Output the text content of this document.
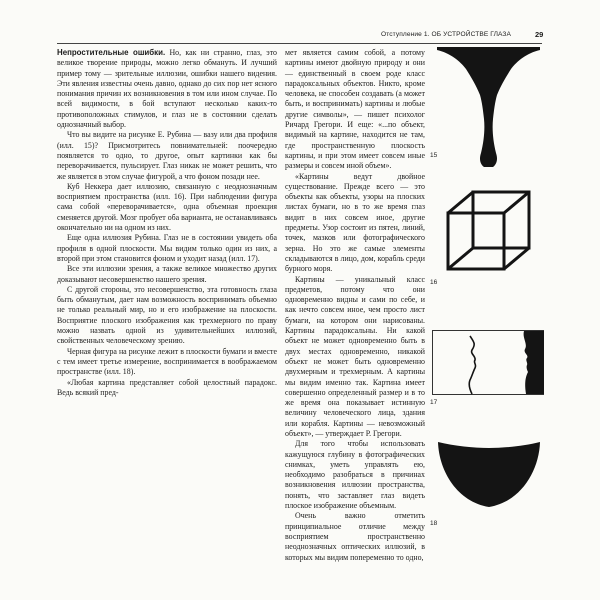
Отступление 1. ОБ УСТРОЙСТВЕ ГЛАЗА	29

Непростительные ошибки. Но, как ни странно, глаз, это великое творение природы, можно легко обмануть. И лучший пример тому — зрительные иллюзии, ошибки нашего видения. Эти явления известны очень давно, однако до сих пор нет ясного понимания причин их возникновения в том или ином случае. По всей видимости, в бой вступают несколько каких-то противоположных стимулов, и глаз не в состоянии сделать однозначный выбор.

Что вы видите на рисунке Е. Рубина — вазу или два профиля (илл. 15)? Присмотритесь повнимательней: поочередно появляется то одно, то другое, опыт картинки как бы переворачивается, пульсирует. Глаз никак не может решить, что же является в этом случае фигурой, а что фоном позади нее.

Куб Неккера дает иллюзию, связанную с неоднозначным восприятием пространства (илл. 16). При наблюдении фигура сама собой «переворачивается», одна объемная проекция сменяется другой. Мозг пробует оба варианта, не останавливаясь окончательно ни на одном из них.

Еще одна иллюзия Рубина. Глаз не в состоянии увидеть оба профиля в одной плоскости. Мы видим только один из них, а второй при этом становится фоном и уходит назад (илл. 17).

Все эти иллюзии зрения, а также великое множество других доказывают несовершенство нашего зрения.

С другой стороны, это несовершенство, эта готовность глаза быть обманутым, дает нам возможность воспринимать объемно не только реальный мир, но и его изображение на плоскости. Восприятие плоского изображения как трехмерного по праву можно назвать одной из удивительнейших иллюзий, свойственных человеческому зрению.

Черная фигура на рисунке лежит в плоскости бумаги и вместе с тем имеет третье измерение, воспринимается в воображаемом пространстве (илл. 18).

«Любая картина представляет собой целостный парадокс. Ведь всякий пред-

мет является самим собой, а потому картины имеют двойную природу и они — единственный в своем роде класс парадоксальных объектов. Никто, кроме человека, не способен создавать (а может быть, и воспринимать) картины и любые другие символы», — пишет психолог Ричард Грегори. И еще: «...по объект, видимый на картине, находится не там, где пространственную плоскость картины, и при этом имеет совсем иные размеры и совсем иной объем».

«Картины ведут двойное существование. Прежде всего — это объекты как объекты, узоры на плоских листах бумаги, но в то же время глаз видит в них совсем иное, другие предметы. Узор состоит из пятен, линий, точек, мазков или фотографического зерна. Но это же самые элементы складываются в лицо, дом, корабль среди бурного моря.

Картины — уникальный класс предметов, потому что они одновременно видны и сами по себе, и как нечто совсем иное, чем просто лист бумаги, на котором они нарисованы. Картины парадоксальны. Ни какой объект не может одновременно быть в двух местах одновременно, никакой объект не может быть одновременно двухмерным и трехмерным. А картины мы видим именно так. Картина имеет совершенно определенный размер и в то же время она показывает истинную величину человеческого лица, здания или корабля. Картины — невозможный объект», — утверждает Р. Грегори.

Для того чтобы использовать кажущуюся глубину в фотографических снимках, уметь управлять ею, необходимо разобраться в причинах возникновения иллюзии пространства, понять, что заставляет глаз видеть плоское изображение объемным.

Очень важно отметить принципиальное отличие между восприятием пространственно неоднозначных оптических иллюзий, в которых мы видим попеременно то одно,

15
16
17
18
